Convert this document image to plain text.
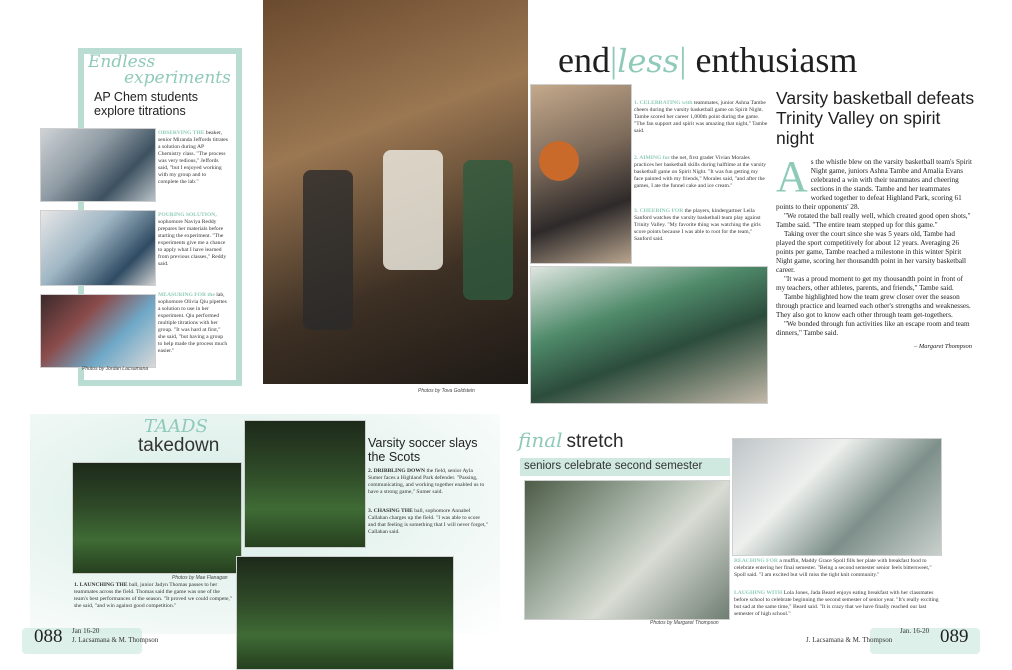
Endless
experiments
AP Chem students explore titrations
OBSERVING THE beaker, senior Miranda Jeffords titrates a solution during AP Chemistry class. "The process was very tedious," Jeffords said, "but I enjoyed working with my group and to complete the lab."
POURING SOLUTION, sophomore Naviya Reddy prepares her materials before starting the experiment. "The experiments give me a chance to apply what I have learned from previous classes," Reddy said.
MEASURING FOR the lab, sophomore Olivia Qiu pipettes a solution to use in her experiment. Qiu performed multiple titrations with her group. "It was hard at first," she said, "but having a group to help made the process much easier."
Photos by Jordan Lacsamana
Photos by Tova Goldstein
TAADS
takedown	Varsity soccer slays the Scots
2. DRIBBLING DOWN the field, senior Ayla Sumer faces a Highland Park defender. "Passing, communicating, and working together enabled us to have a strong game," Sumer said.
3. CHASING THE ball, sophomore Annabel Callahan charges up the field. "I was able to score and that feeling is something that I will never forget," Callahan said.
Photos by Mae Flanagan
1. LAUNCHING THE ball, junior Jadyn Thomas passes to her teammates across the field. Thomas said the game was one of the team's best performances of the season. "It proved we could compete," she said, "and win against good competition."
088 Jan 16-20
J. Lacsamana & M. Thompson
end|less| enthusiasm
1. CELEBRATING with teammates, junior Ashna Tambe cheers during the varsity basketball game on Spirit Night. Tambe scored her career 1,000th point during the game. "The fan support and spirit was amazing that night," Tambe said.
2. AIMING for the net, first grader Vivian Morales practices her basketball skills during halftime at the varsity basketball game on Spirit Night. "It was fun getting my face painted with my friends," Morales said, "and after the games, I ate the funnel cake and ice cream."
3. CHEERING FOR the players, kindergartner Leila Sanford watches the varsity basketball team play against Trinity Valley. "My favorite thing was watching the girls score points because I was able to root for the team," Sanford said.
Varsity basketball defeats Trinity Valley on spirit night
A s the whistle blew on the varsity basketball team's Spirit Night game, juniors Ashna Tambe and Amalia Evans celebrated a win with their teammates and cheering sections in the stands. Tambe and her teammates worked together to defeat Highland Park, scoring 61 points to their opponents' 28.

"We rotated the ball really well, which created good open shots," Tambe said. "The entire team stepped up for this game."

Taking over the court since she was 5 years old, Tambe had played the sport competitively for about 12 years. Averaging 26 points per game, Tambe reached a milestone in this winter Spirit Night game, scoring her thousandth point in her varsity basketball career.

"It was a proud moment to get my thousandth point in front of my teachers, other athletes, parents, and friends," Tambe said.

Tambe highlighted how the team grew closer over the season through practice and learned each other's strengths and weaknesses. They also got to know each other through team get-togethers.

"We bonded through fun activities like an escape room and team dinners," Tambe said.

– Margaret Thompson
final stretch
seniors celebrate second semester
Photos by Margaret Thompson
REACHING FOR a muffin, Maddy Grace Spoll fills her plate with breakfast food to celebrate entering her final semester. "Being a second semester senior feels bittersweet," Spoll said. "I am excited but will miss the tight knit community."
LAUGHING WITH Lola Jones, Jada Beard enjoys eating breakfast with her classmates before school to celebrate beginning the second semester of senior year. "It's really exciting but sad at the same time," Beard said. "It is crazy that we have finally reached our last semester of high school."
J. Lacsamana & M. Thompson
Jan. 16-20 089
